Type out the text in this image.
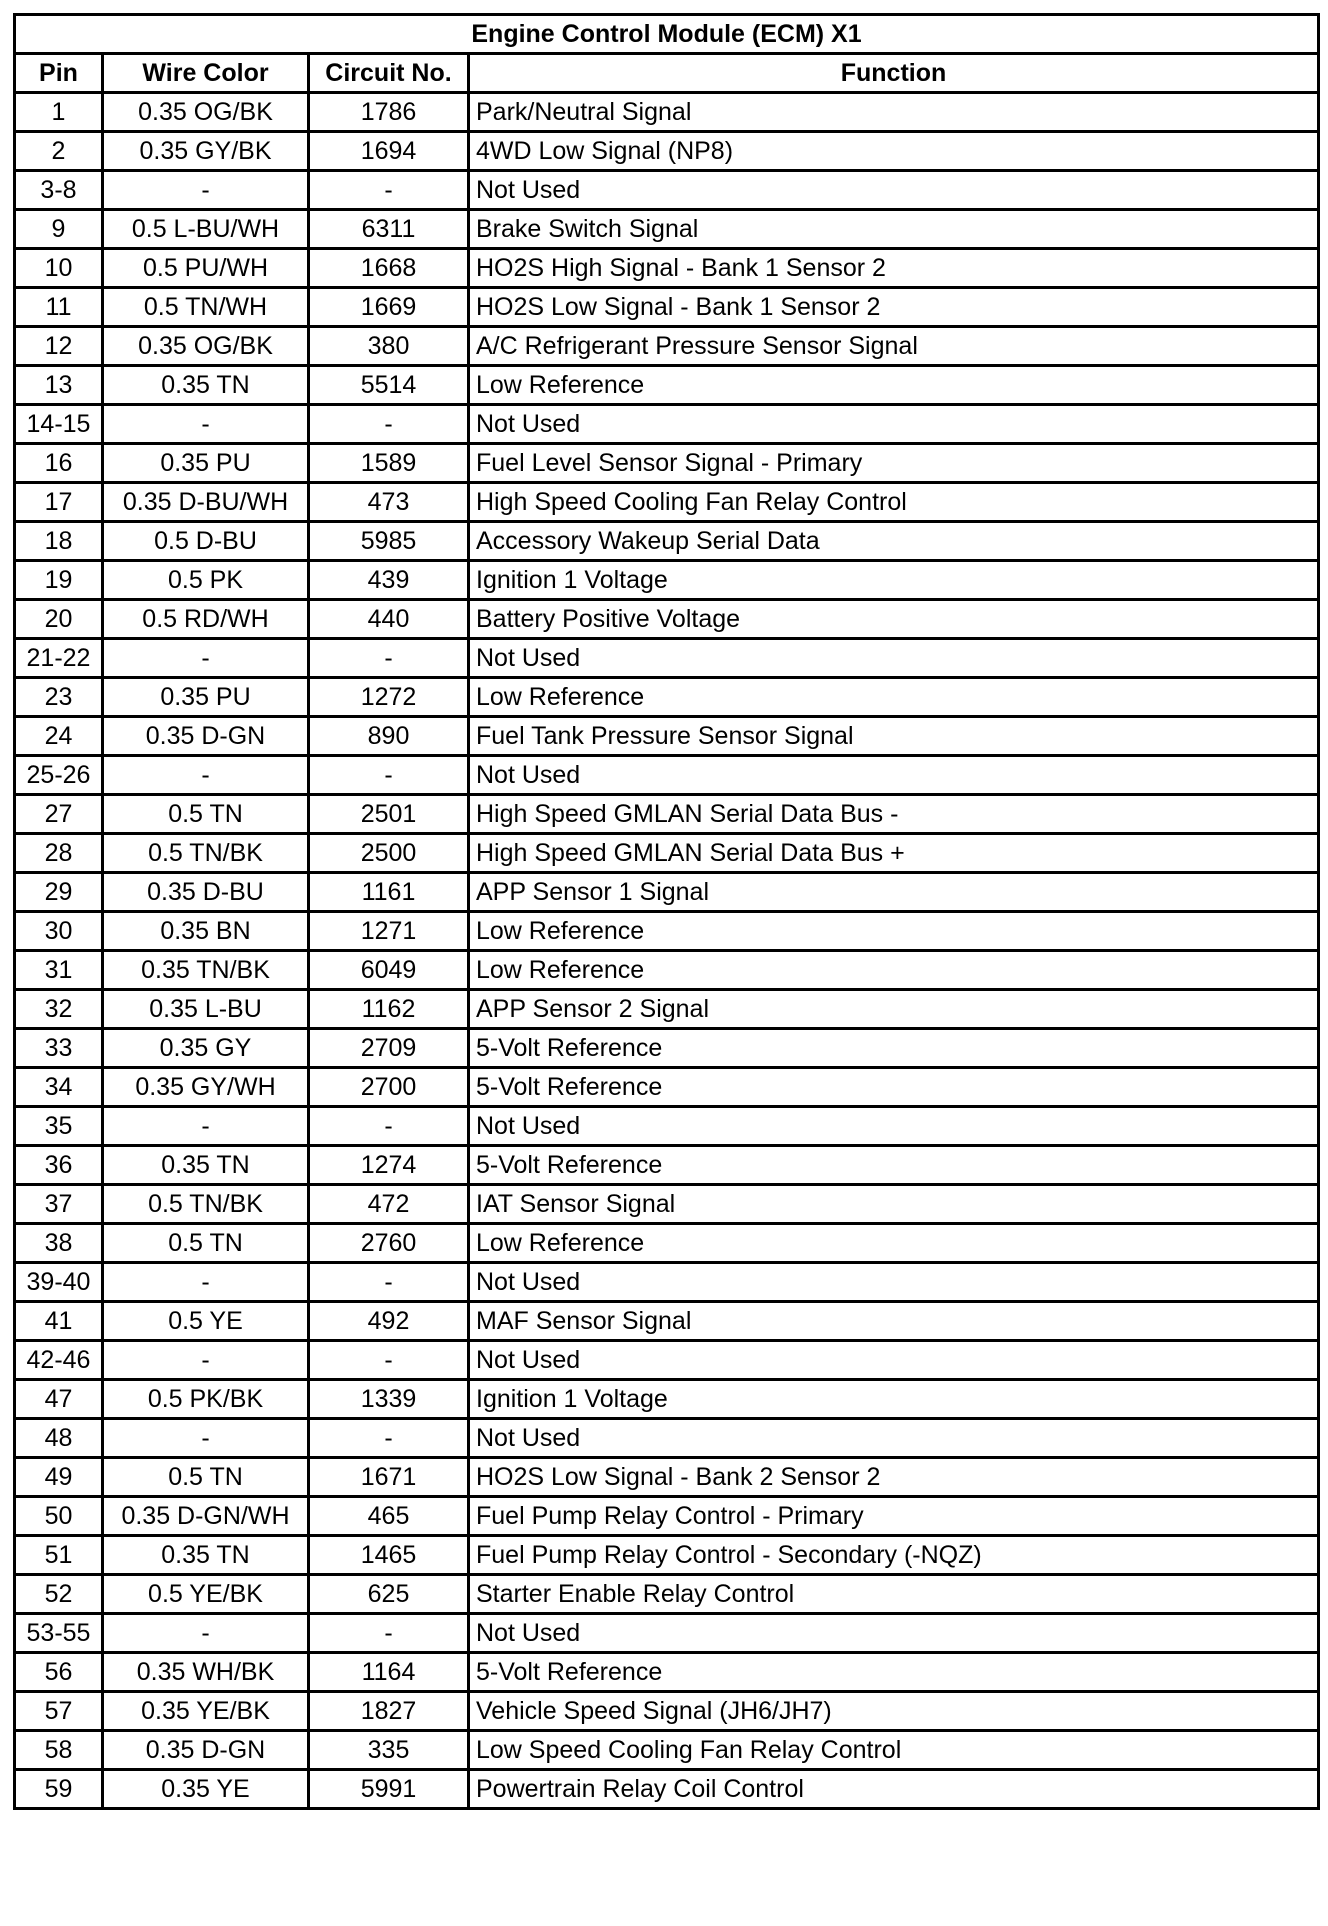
Engine Control Module (ECM) X1			
Pin	Wire Color	Circuit No.	Function
1	0.35 OG/BK	1786	Park/Neutral Signal
2	0.35 GY/BK	1694	4WD Low Signal (NP8)
3-8	-	-	Not Used
9	0.5 L-BU/WH	6311	Brake Switch Signal
10	0.5 PU/WH	1668	HO2S High Signal - Bank 1 Sensor 2
11	0.5 TN/WH	1669	HO2S Low Signal - Bank 1 Sensor 2
12	0.35 OG/BK	380	A/C Refrigerant Pressure Sensor Signal
13	0.35 TN	5514	Low Reference
14-15	-	-	Not Used
16	0.35 PU	1589	Fuel Level Sensor Signal - Primary
17	0.35 D-BU/WH	473	High Speed Cooling Fan Relay Control
18	0.5 D-BU	5985	Accessory Wakeup Serial Data
19	0.5 PK	439	Ignition 1 Voltage
20	0.5 RD/WH	440	Battery Positive Voltage
21-22	-	-	Not Used
23	0.35 PU	1272	Low Reference
24	0.35 D-GN	890	Fuel Tank Pressure Sensor Signal
25-26	-	-	Not Used
27	0.5 TN	2501	High Speed GMLAN Serial Data Bus -
28	0.5 TN/BK	2500	High Speed GMLAN Serial Data Bus +
29	0.35 D-BU	1161	APP Sensor 1 Signal
30	0.35 BN	1271	Low Reference
31	0.35 TN/BK	6049	Low Reference
32	0.35 L-BU	1162	APP Sensor 2 Signal
33	0.35 GY	2709	5-Volt Reference
34	0.35 GY/WH	2700	5-Volt Reference
35	-	-	Not Used
36	0.35 TN	1274	5-Volt Reference
37	0.5 TN/BK	472	IAT Sensor Signal
38	0.5 TN	2760	Low Reference
39-40	-	-	Not Used
41	0.5 YE	492	MAF Sensor Signal
42-46	-	-	Not Used
47	0.5 PK/BK	1339	Ignition 1 Voltage
48	-	-	Not Used
49	0.5 TN	1671	HO2S Low Signal - Bank 2 Sensor 2
50	0.35 D-GN/WH	465	Fuel Pump Relay Control - Primary
51	0.35 TN	1465	Fuel Pump Relay Control - Secondary (-NQZ)
52	0.5 YE/BK	625	Starter Enable Relay Control
53-55	-	-	Not Used
56	0.35 WH/BK	1164	5-Volt Reference
57	0.35 YE/BK	1827	Vehicle Speed Signal (JH6/JH7)
58	0.35 D-GN	335	Low Speed Cooling Fan Relay Control
59	0.35 YE	5991	Powertrain Relay Coil Control
